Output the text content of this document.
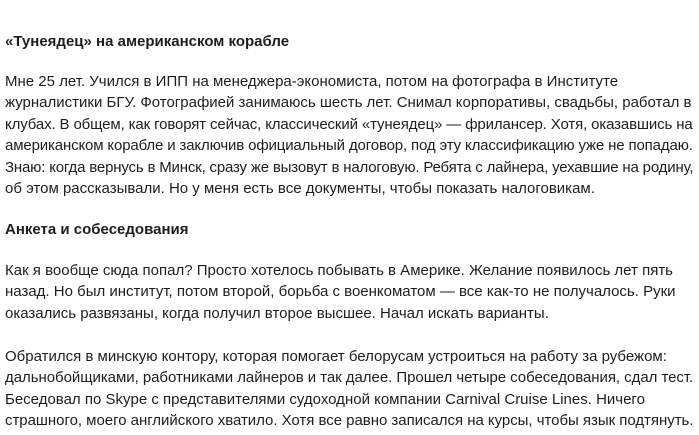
«Тунеядец» на американском корабле

Мне 25 лет. Учился в ИПП на менеджера-экономиста, потом на фотографа в Институте
журналистики БГУ. Фотографией занимаюсь шесть лет. Снимал корпоративы, свадьбы, работал в
клубах. В общем, как говорят сейчас, классический «тунеядец» — фрилансер. Хотя, оказавшись на
американском корабле и заключив официальный договор, под эту классификацию уже не попадаю.
Знаю: когда вернусь в Минск, сразу же вызовут в налоговую. Ребята с лайнера, уехавшие на родину,
об этом рассказывали. Но у меня есть все документы, чтобы показать налоговикам.

Анкета и собеседования

Как я вообще сюда попал? Просто хотелось побывать в Америке. Желание появилось лет пять
назад. Но был институт, потом второй, борьба с военкоматом — все как-то не получалось. Руки
оказались развязаны, когда получил второе высшее. Начал искать варианты.

Обратился в минскую контору, которая помогает белорусам устроиться на работу за рубежом:
дальнобойщиками, работниками лайнеров и так далее. Прошел четыре собеседования, сдал тест.
Беседовал по Skype с представителями судоходной компании Carnival Cruise Lines. Ничего
страшного, моего английского хватило. Хотя все равно записался на курсы, чтобы язык подтянуть.
